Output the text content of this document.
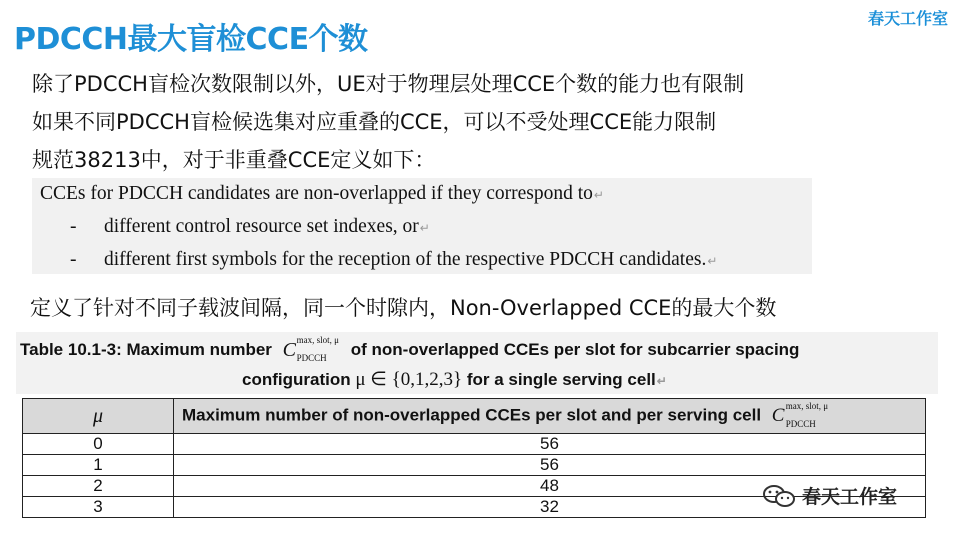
春天工作室
PDCCH最大盲检CCE个数
除了PDCCH盲检次数限制以外，UE对于物理层处理CCE个数的能力也有限制
如果不同PDCCH盲检候选集对应重叠的CCE，可以不受处理CCE能力限制
规范38213中，对于非重叠CCE定义如下：
CCEs for PDCCH candidates are non-overlapped if they correspond to↵
- different control resource set indexes, or↵
- different first symbols for the reception of the respective PDCCH candidates.↵
定义了针对不同子载波间隔，同一个时隙内，Non-Overlapped CCE的最大个数
Table 10.1-3: Maximum number C max, slot, μ
PDCCH of non-overlapped CCEs per slot for subcarrier spacing
configuration μ ∈ {0,1,2,3} for a single serving cell↵
μ	Maximum number of non-overlapped CCEs per slot and per serving cell C max, slot, μ
PDCCH

0	56
1	56
2	48
3	32	春天工作室
